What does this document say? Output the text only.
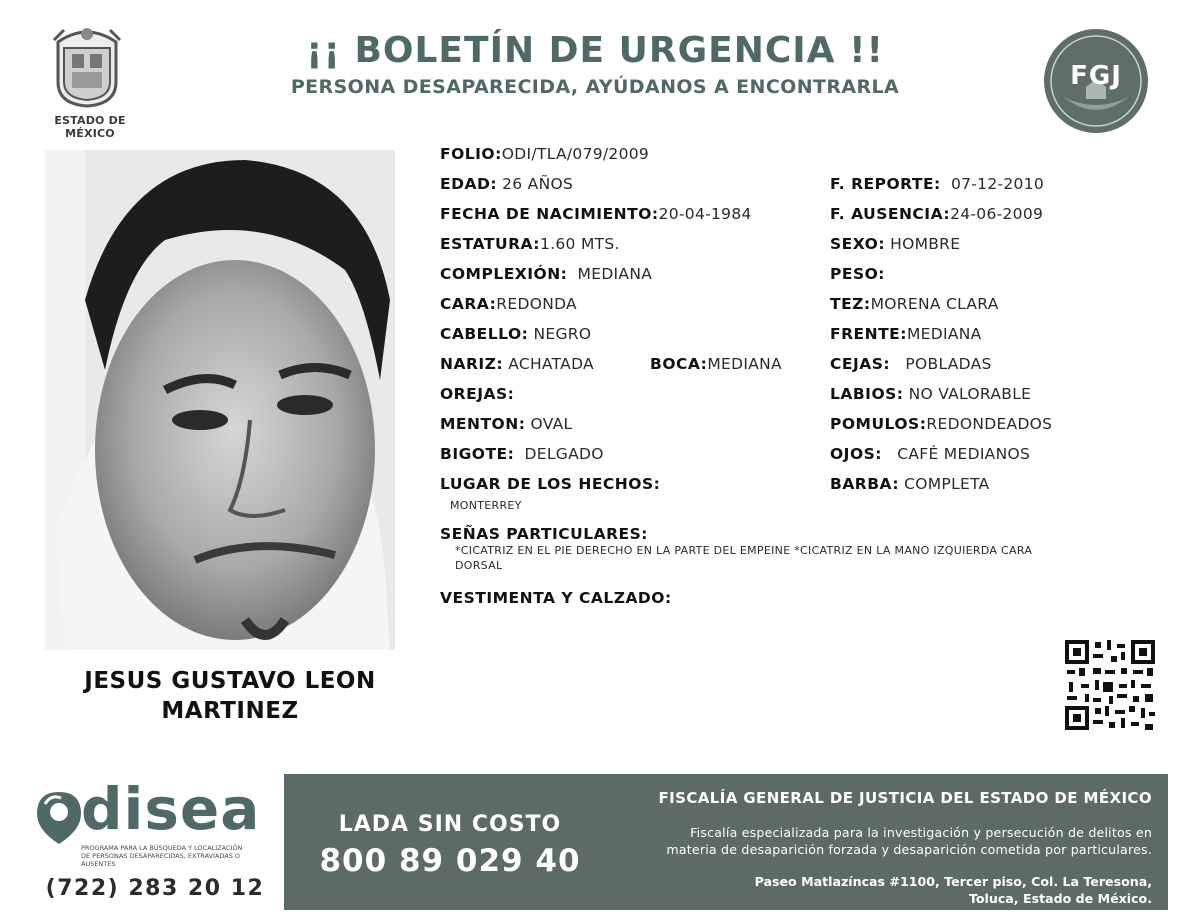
ESTADO DE MÉXICO
¡¡ BOLETÍN DE URGENCIA !!
PERSONA DESAPARECIDA, AYÚDANOS A ENCONTRARLA	FGJ
JESUS GUSTAVO LEON
MARTINEZ
FOLIO:ODI/TLA/079/2009
EDAD: 26 AÑOS
FECHA DE NACIMIENTO:20-04-1984
ESTATURA:1.60 MTS.
COMPLEXIÓN: MEDIANA
CARA:REDONDA
CABELLO: NEGRO
NARIZ: ACHATADA	BOCA:MEDIANA
OREJAS:
MENTON: OVAL
BIGOTE: DELGADO
LUGAR DE LOS HECHOS:
MONTERREY
F. REPORTE: 07-12-2010
F. AUSENCIA:24-06-2009
SEXO: HOMBRE
PESO:
TEZ:MORENA CLARA
FRENTE:MEDIANA
CEJAS: POBLADAS
LABIOS: NO VALORABLE
POMULOS:REDONDEADOS
OJOS: CAFÉ MEDIANOS
BARBA: COMPLETA
SEÑAS PARTICULARES:
*CICATRIZ EN EL PIE DERECHO EN LA PARTE DEL EMPEINE *CICATRIZ EN LA MANO IZQUIERDA CARA
DORSAL
VESTIMENTA Y CALZADO:
disea
PROGRAMA PARA LA BÚSQUEDA Y LOCALIZACIÓN
DE PERSONAS DESAPARECIDAS, EXTRAVIADAS O
AUSENTES
(722) 283 20 12
LADA SIN COSTO
800 89 029 40
FISCALÍA GENERAL DE JUSTICIA DEL ESTADO DE MÉXICO
Fiscalía especializada para la investigación y persecución de delitos en
materia de desaparición forzada y desaparición cometida por particulares.
Paseo Matlazíncas #1100, Tercer piso, Col. La Teresona,
Toluca, Estado de México.
